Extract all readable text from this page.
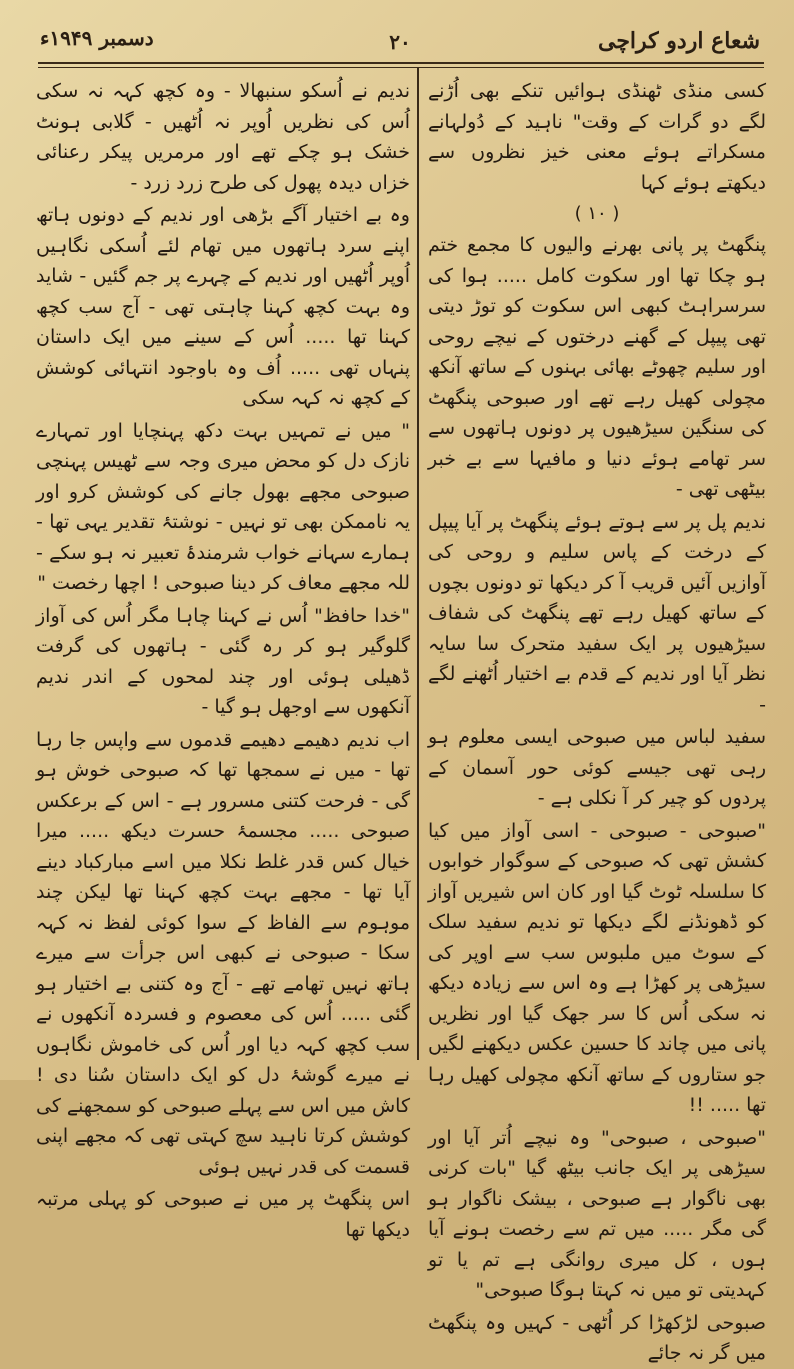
شعاع اردو کراچی
۲۰
دسمبر ۱۹۴۹ء

کسی منڈی ٹھنڈی ہوائیں تنکے بھی اُڑنے لگے دو گرات کے وقت" ناہید کے دُولہانے مسکراتے ہوئے معنی خیز نظروں سے دیکھتے ہوئے کہا

( ۱۰ )

پنگھٹ پر پانی بھرنے والیوں کا مجمع ختم ہو چکا تھا اور سکوت کامل ..... ہوا کی سرسراہٹ کبھی اس سکوت کو توڑ دیتی تھی پیپل کے گھنے درختوں کے نیچے روحی اور سلیم چھوٹے بھائی بہنوں کے ساتھ آنکھ مچولی کھیل رہے تھے اور صبوحی پنگھٹ کی سنگین سیڑھیوں پر دونوں ہاتھوں سے سر تھامے ہوئے دنیا و مافیہا سے بے خبر بیٹھی تھی -

ندیم پل پر سے ہوتے ہوئے پنگھٹ پر آیا پیپل کے درخت کے پاس سلیم و روحی کی آوازیں آئیں قریب آ کر دیکھا تو دونوں بچوں کے ساتھ کھیل رہے تھے پنگھٹ کی شفاف سیڑھیوں پر ایک سفید متحرک سا سایہ نظر آیا اور ندیم کے قدم بے اختیار اُٹھنے لگے -

سفید لباس میں صبوحی ایسی معلوم ہو رہی تھی جیسے کوئی حور آسمان کے پردوں کو چیر کر آ نکلی ہے -

"صبوحی - صبوحی - اسی آواز میں کیا کشش تھی کہ صبوحی کے سوگوار خوابوں کا سلسلہ ٹوٹ گیا اور کان اس شیریں آواز کو ڈھونڈنے لگے دیکھا تو ندیم سفید سلک کے سوٹ میں ملبوس سب سے اوپر کی سیڑھی پر کھڑا ہے وہ اس سے زیادہ دیکھ نہ سکی اُس کا سر جھک گیا اور نظریں پانی میں چاند کا حسین عکس دیکھنے لگیں جو ستاروں کے ساتھ آنکھ مچولی کھیل رہا تھا ..... !!

"صبوحی ، صبوحی" وہ نیچے اُتر آیا اور سیڑھی پر ایک جانب بیٹھ گیا "بات کرنی بھی ناگوار ہے صبوحی ، بیشک ناگوار ہو گی مگر ..... میں تم سے رخصت ہونے آیا ہوں ، کل میری روانگی ہے تم یا تو کہدیتی تو میں نہ کہتا ہوگا صبوحی"

صبوحی لڑکھڑا کر اُٹھی - کہیں وہ پنگھٹ میں گر نہ جائے

ندیم نے اُسکو سنبھالا - وہ کچھ کہہ نہ سکی اُس کی نظریں اُوپر نہ اُٹھیں - گلابی ہونٹ خشک ہو چکے تھے اور مرمریں پیکر رعنائی خزاں دیدہ پھول کی طرح زرد زرد -

وہ بے اختیار آگے بڑھی اور ندیم کے دونوں ہاتھ اپنے سرد ہاتھوں میں تھام لئے اُسکی نگاہیں اُوپر اُٹھیں اور ندیم کے چہرے پر جم گئیں - شاید وہ بہت کچھ کہنا چاہتی تھی - آج سب کچھ کہنا تھا ..... اُس کے سینے میں ایک داستان پنہاں تھی ..... اُف وہ باوجود انتہائی کوشش کے کچھ نہ کہہ سکی

" میں نے تمہیں بہت دکھ پہنچایا اور تمہارے نازک دل کو محض میری وجہ سے ٹھیس پہنچی صبوحی مجھے بھول جانے کی کوشش کرو اور یہ ناممکن بھی تو نہیں - نوشتۂ تقدیر یہی تھا - ہمارے سہانے خواب شرمندۂ تعبیر نہ ہو سکے - للہ مجھے معاف کر دینا صبوحی ! اچھا رخصت "

"خدا حافظ" اُس نے کہنا چاہا مگر اُس کی آواز گلوگیر ہو کر رہ گئی - ہاتھوں کی گرفت ڈھیلی ہوئی اور چند لمحوں کے اندر ندیم آنکھوں سے اوجھل ہو گیا -

اب ندیم دھیمے دھیمے قدموں سے واپس جا رہا تھا - میں نے سمجھا تھا کہ صبوحی خوش ہو گی - فرحت کتنی مسرور ہے - اس کے برعکس صبوحی ..... مجسمۂ حسرت دیکھ ..... میرا خیال کس قدر غلط نکلا میں اسے مبارکباد دینے آیا تھا - مجھے بہت کچھ کہنا تھا لیکن چند موہوم سے الفاظ کے سوا کوئی لفظ نہ کہہ سکا - صبوحی نے کبھی اس جرأت سے میرے ہاتھ نہیں تھامے تھے - آج وہ کتنی بے اختیار ہو گئی ..... اُس کی معصوم و فسردہ آنکھوں نے سب کچھ کہہ دیا اور اُس کی خاموش نگاہوں نے میرے گوشۂ دل کو ایک داستان سُنا دی ! کاش میں اس سے پہلے صبوحی کو سمجھنے کی کوشش کرتا ناہید سچ کہتی تھی کہ مجھے اپنی قسمت کی قدر نہیں ہوئی

اس پنگھٹ پر میں نے صبوحی کو پہلی مرتبہ دیکھا تھا
